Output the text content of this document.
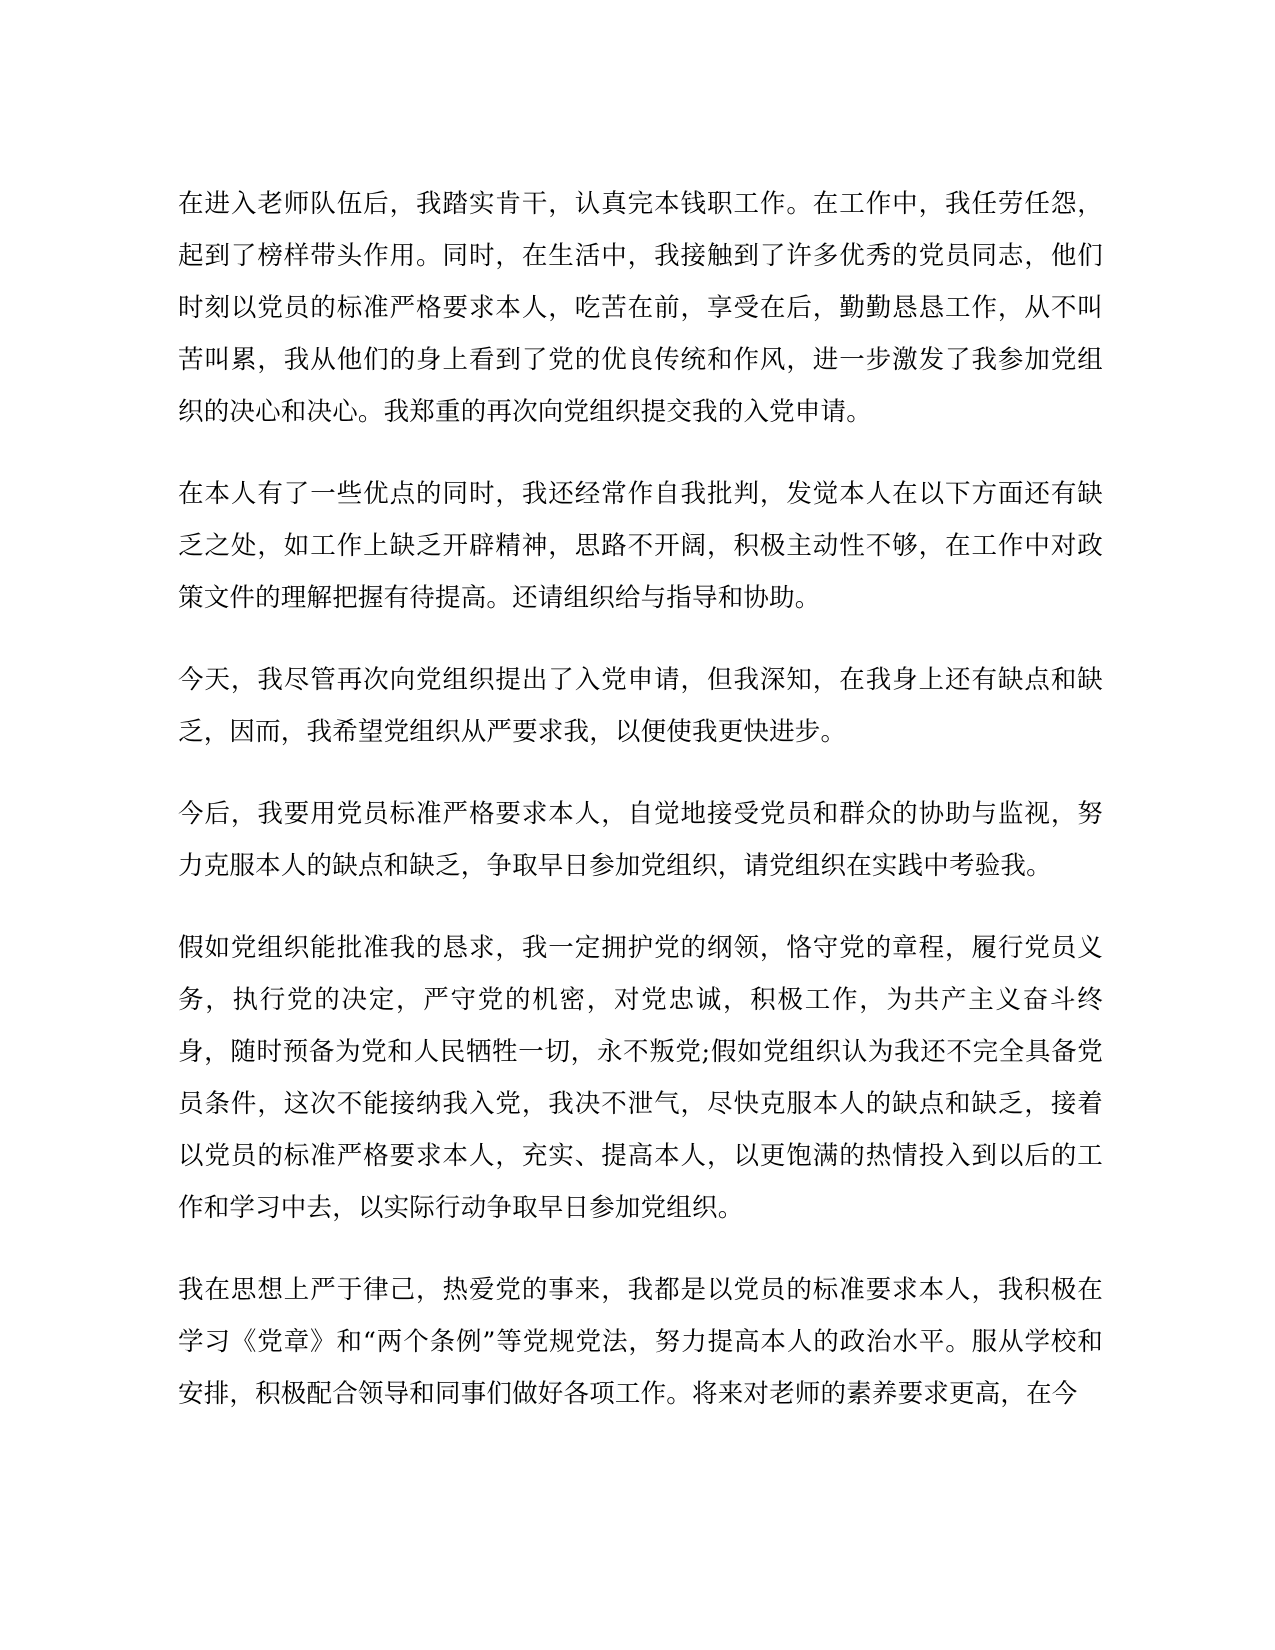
在进入老师队伍后，我踏实肯干，认真完本钱职工作。在工作中，我任劳任怨，起到了榜样带头作用。同时，在生活中，我接触到了许多优秀的党员同志，他们时刻以党员的标准严格要求本人，吃苦在前，享受在后，勤勤恳恳工作，从不叫苦叫累，我从他们的身上看到了党的优良传统和作风，进一步激发了我参加党组织的决心和决心。我郑重的再次向党组织提交我的入党申请。

在本人有了一些优点的同时，我还经常作自我批判，发觉本人在以下方面还有缺乏之处，如工作上缺乏开辟精神，思路不开阔，积极主动性不够，在工作中对政策文件的理解把握有待提高。还请组织给与指导和协助。

今天，我尽管再次向党组织提出了入党申请，但我深知，在我身上还有缺点和缺乏，因而，我希望党组织从严要求我，以便使我更快进步。

今后，我要用党员标准严格要求本人，自觉地接受党员和群众的协助与监视，努力克服本人的缺点和缺乏，争取早日参加党组织，请党组织在实践中考验我。

假如党组织能批准我的恳求，我一定拥护党的纲领，恪守党的章程，履行党员义务，执行党的决定，严守党的机密，对党忠诚，积极工作，为共产主义奋斗终身，随时预备为党和人民牺牲一切，永不叛党;假如党组织认为我还不完全具备党员条件，这次不能接纳我入党，我决不泄气，尽快克服本人的缺点和缺乏，接着以党员的标准严格要求本人，充实、提高本人，以更饱满的热情投入到以后的工作和学习中去，以实际行动争取早日参加党组织。

我在思想上严于律己，热爱党的事来，我都是以党员的标准要求本人，我积极在学习《党章》和“两个条例”等党规党法，努力提高本人的政治水平。服从学校和安排，积极配合领导和同事们做好各项工作。将来对老师的素养要求更高，在今
